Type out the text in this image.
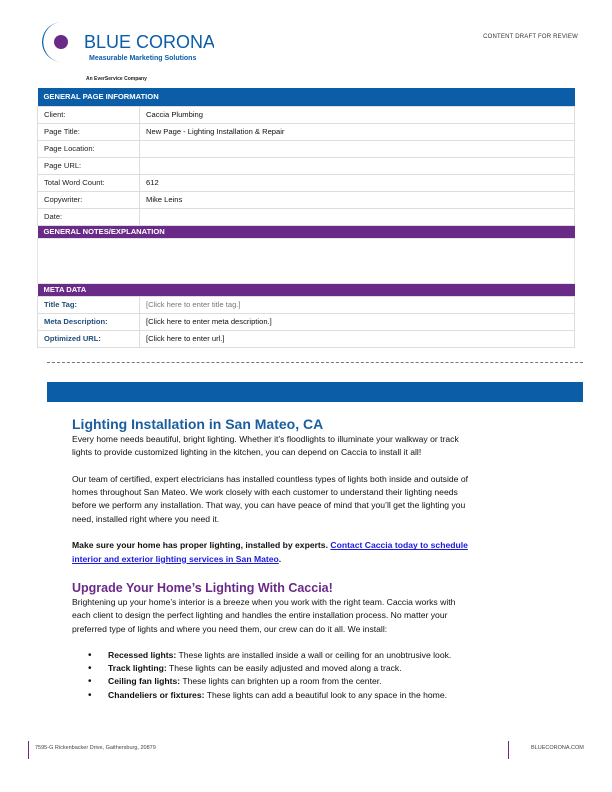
BLUE CORONA
Measurable Marketing Solutions
An EverService Company
CONTENT DRAFT FOR REVIEW
GENERAL PAGE INFORMATION	
Client:	Caccia Plumbing
Page Title:	New Page - Lighting Installation & Repair
Page Location:	
Page URL:	
Total Word Count:	612
Copywriter:	Mike Leins
Date:	
GENERAL NOTES/EXPLANATION	

META DATA	
Title Tag:	[Click here to enter title tag.]
Meta Description:	[Click here to enter meta description.]
Optimized URL:	[Click here to enter url.]
Lighting Installation in San Mateo, CA

Every home needs beautiful, bright lighting. Whether it’s floodlights to illuminate your walkway or track
lights to provide customized lighting in the kitchen, you can depend on Caccia to install it all!

Our team of certified, expert electricians has installed countless types of lights both inside and outside of
homes throughout San Mateo. We work closely with each customer to understand their lighting needs
before we perform any installation. That way, you can have peace of mind that you’ll get the lighting you
need, installed right where you need it.

Make sure your home has proper lighting, installed by experts. Contact Caccia today to schedule
interior and exterior lighting services in San Mateo.

Upgrade Your Home’s Lighting With Caccia!

Brightening up your home’s interior is a breeze when you work with the right team. Caccia works with
each client to design the perfect lighting and handles the entire installation process. No matter your
preferred type of lights and where you need them, our crew can do it all. We install:

• Recessed lights: These lights are installed inside a wall or ceiling for an unobtrusive look.
• Track lighting: These lights can be easily adjusted and moved along a track.
• Ceiling fan lights: These lights can brighten up a room from the center.
• Chandeliers or fixtures: These lights can add a beautiful look to any space in the home.
7595-G Rickenbacker Drive, Gaithersburg, 20879	BLUECORONA.COM
